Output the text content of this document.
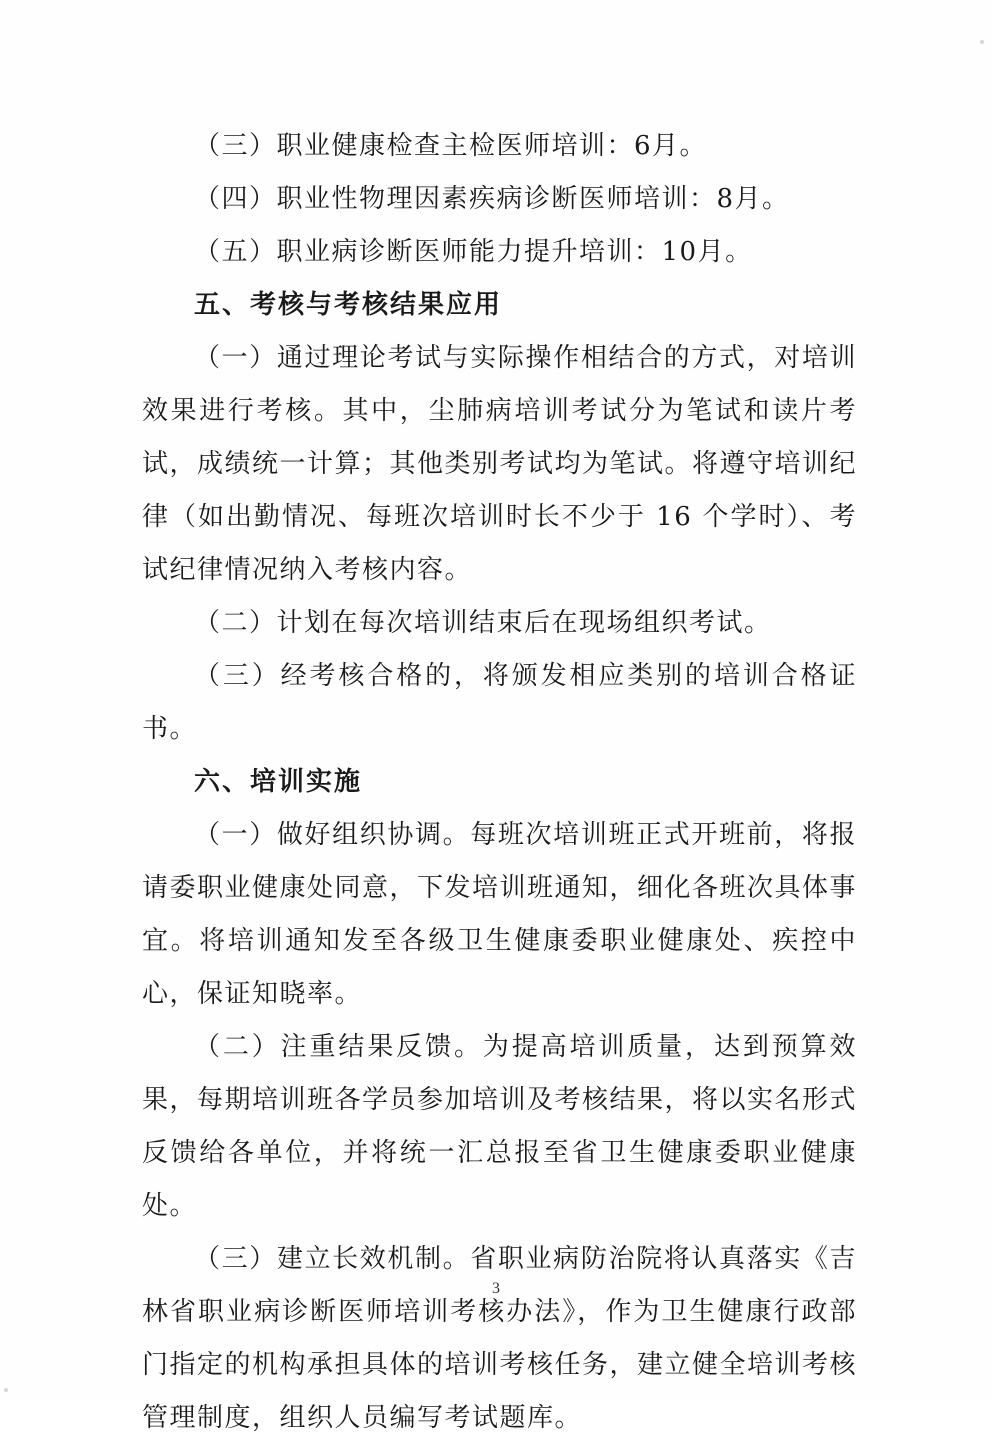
（三）职业健康检查主检医师培训：6月。

（四）职业性物理因素疾病诊断医师培训：8月。

（五）职业病诊断医师能力提升培训：10月。

五、考核与考核结果应用

（一）通过理论考试与实际操作相结合的方式，对培训效果进行考核。其中，尘肺病培训考试分为笔试和读片考试，成绩统一计算；其他类别考试均为笔试。将遵守培训纪律（如出勤情况、每班次培训时长不少于 16 个学时）、考试纪律情况纳入考核内容。

（二）计划在每次培训结束后在现场组织考试。

（三）经考核合格的，将颁发相应类别的培训合格证书。

六、培训实施

（一）做好组织协调。每班次培训班正式开班前，将报请委职业健康处同意，下发培训班通知，细化各班次具体事宜。将培训通知发至各级卫生健康委职业健康处、疾控中心，保证知晓率。

（二）注重结果反馈。为提高培训质量，达到预算效果，每期培训班各学员参加培训及考核结果，将以实名形式反馈给各单位，并将统一汇总报至省卫生健康委职业健康处。

（三）建立长效机制。省职业病防治院将认真落实《吉林省职业病诊断医师培训考核办法》，作为卫生健康行政部门指定的机构承担具体的培训考核任务，建立健全培训考核管理制度，组织人员编写考试题库。

3
